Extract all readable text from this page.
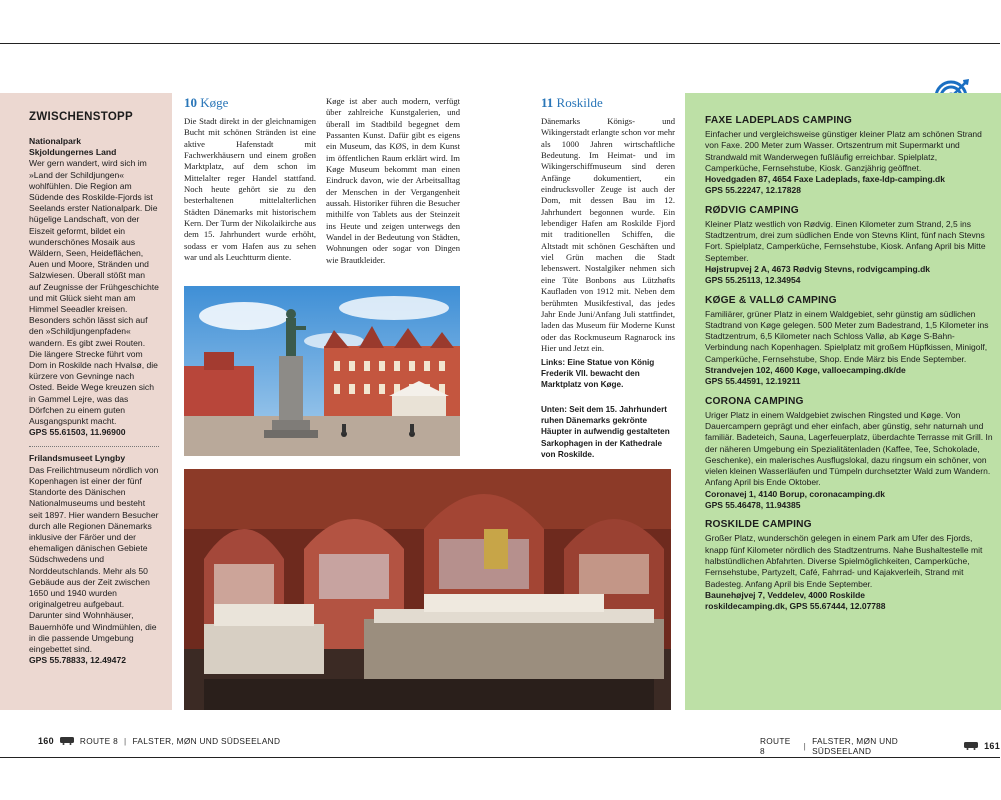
ZWISCHENSTOPP
Nationalpark
Skjoldungernes Land
Wer gern wandert, wird sich im »Land der Schildjungen« wohlfühlen. Die Region am Südende des Roskilde-Fjords ist Seelands erster Nationalpark. Die hügelige Landschaft, von der Eiszeit geformt, bildet ein wunderschönes Mosaik aus Wäldern, Seen, Heideflächen, Auen und Moore, Stränden und Salzwiesen. Überall stößt man auf Zeugnisse der Frühgeschichte und mit Glück sieht man am Himmel Seeadler kreisen. Besonders schön lässt sich auf den »Schildjungenpfaden« wandern. Es gibt zwei Routen. Die längere Strecke führt vom Dom in Roskilde nach Hvalsø, die kürzere von Gevninge nach Osted. Beide Wege kreuzen sich in Gammel Lejre, was das Dörfchen zu einem guten Ausgangspunkt macht.
GPS 55.61503, 11.96900
Frilandsmuseet Lyngby
Das Freilichtmuseum nördlich von Kopenhagen ist einer der fünf Standorte des Dänischen Nationalmuseums und besteht seit 1897. Hier wandern Besucher durch alle Regionen Dänemarks inklusive der Färöer und der ehemaligen dänischen Gebiete Südschwedens und Norddeutschlands. Mehr als 50 Gebäude aus der Zeit zwischen 1650 und 1940 wurden originalgetreu aufgebaut. Darunter sind Wohnhäuser, Bauernhöfe und Windmühlen, die in die passende Umgebung eingebettet sind.
GPS 55.78833, 12.49472
10 Køge

Die Stadt direkt in der gleichnamigen Bucht mit schönen Stränden ist eine aktive Hafenstadt mit Fachwerkhäusern und einem großen Marktplatz, auf dem schon im Mittelalter reger Handel stattfand. Noch heute gehört sie zu den besterhaltenen mittelalterlichen Städten Dänemarks mit historischem Kern. Der Turm der Nikolaikirche aus dem 15. Jahrhundert wurde erhöht, sodass er vom Hafen aus zu sehen war und als Leuchtturm diente.

Køge ist aber auch modern, verfügt über zahlreiche Kunstgalerien, und überall im Stadtbild begegnet dem Passanten Kunst. Dafür gibt es eigens ein Museum, das KØS, in dem Kunst im öffentlichen Raum erklärt wird. Im Køge Museum bekommt man einen Eindruck davon, wie der Arbeitsalltag der Menschen in der Vergangenheit aussah. Historiker führen die Besucher mithilfe von Tablets aus der Steinzeit ins Heute und zeigen unterwegs den Wandel in der Bedeutung von Städten, Wohnungen oder sogar von Dingen wie Brautkleider.

11 Roskilde

Dänemarks Königs- und Wikingerstadt erlangte schon vor mehr als 1000 Jahren wirtschaftliche Bedeutung. Im Heimat- und im Wikingerschiffmuseum sind deren Anfänge dokumentiert, ein eindrucksvoller Zeuge ist auch der Dom, mit dessen Bau im 12. Jahrhundert begonnen wurde. Ein lebendiger Hafen am Roskilde Fjord mit traditionellen Schiffen, die Altstadt mit schönen Geschäften und viel Grün machen die Stadt lebenswert. Nostalgiker nehmen sich eine Tüte Bonbons aus Lützhøfts Kaufladen von 1912 mit. Neben dem berühmten Musikfestival, das jedes Jahr Ende Juni/Anfang Juli stattfindet, laden das Museum für Moderne Kunst oder das Rockmuseum Ragnarock ins Hier und Jetzt ein.

Links: Eine Statue von König Frederik VII. bewacht den Marktplatz von Køge.
Unten: Seit dem 15. Jahrhundert ruhen Dänemarks gekrönte Häupter in aufwendig gestalteten Sarkophagen in der Kathedrale von Roskilde.
FAXE LADEPLADS CAMPING
Einfacher und vergleichsweise günstiger kleiner Platz am schönen Strand von Faxe. 200 Meter zum Wasser. Ortszentrum mit Supermarkt und Strandwald mit Wanderwegen fußläufig erreichbar. Spielplatz, Camperküche, Fernsehstube, Kiosk. Ganzjährig geöffnet.
Hovedgaden 87, 4654 Faxe Ladeplads, faxe-ldp-camping.dk
GPS 55.22247, 12.17828
RØDVIG CAMPING
Kleiner Platz westlich von Rødvig. Einen Kilometer zum Strand, 2,5 ins Stadtzentrum, drei zum südlichen Ende von Stevns Klint, fünf nach Stevns Fort. Spielplatz, Camperküche, Fernsehstube, Kiosk. Anfang April bis Mitte September.
Højstrupvej 2 A, 4673 Rødvig Stevns, rodvigcamping.dk
GPS 55.25113, 12.34954
KØGE & VALLØ CAMPING
Familiärer, grüner Platz in einem Waldgebiet, sehr günstig am südlichen Stadtrand von Køge gelegen. 500 Meter zum Badestrand, 1,5 Kilometer ins Stadtzentrum, 6,5 Kilometer nach Schloss Vallø, ab Køge S-Bahn-Verbindung nach Kopenhagen. Spielplatz mit großem Hüpfkissen, Minigolf, Camperküche, Fernsehstube, Shop. Ende März bis Ende September.
Strandvejen 102, 4600 Køge, valloecamping.dk/de
GPS 55.44591, 12.19211
CORONA CAMPING
Uriger Platz in einem Waldgebiet zwischen Ringsted und Køge. Von Dauercampern geprägt und eher einfach, aber günstig, sehr naturnah und familiär. Badeteich, Sauna, Lagerfeuerplatz, überdachte Terrasse mit Grill. In der näheren Umgebung ein Spezialitätenladen (Kaffee, Tee, Schokolade, Geschenke), ein malerisches Ausflugslokal, dazu ringsum ein schöner, von vielen kleinen Wasserläufen und Tümpeln durchsetzter Wald zum Wandern. Anfang April bis Ende Oktober.
Coronavej 1, 4140 Borup, coronacamping.dk
GPS 55.46478, 11.94385
ROSKILDE CAMPING
Großer Platz, wunderschön gelegen in einem Park am Ufer des Fjords, knapp fünf Kilometer nördlich des Stadtzentrums. Nahe Bushaltestelle mit halbstündlichen Abfahrten. Diverse Spielmöglichkeiten, Camperküche, Fernsehstube, Partyzelt, Café, Fahrrad- und Kajakverleih, Strand mit Badesteg. Anfang April bis Ende September.
Baunehøjvej 7, Veddelev, 4000 Roskilde
roskildecamping.dk, GPS 55.67444, 12.07788
160	ROUTE 8 | FALSTER, MØN UND SÜDSEELAND	ROUTE 8	| FALSTER, MØN UND SÜDSEELAND	161
